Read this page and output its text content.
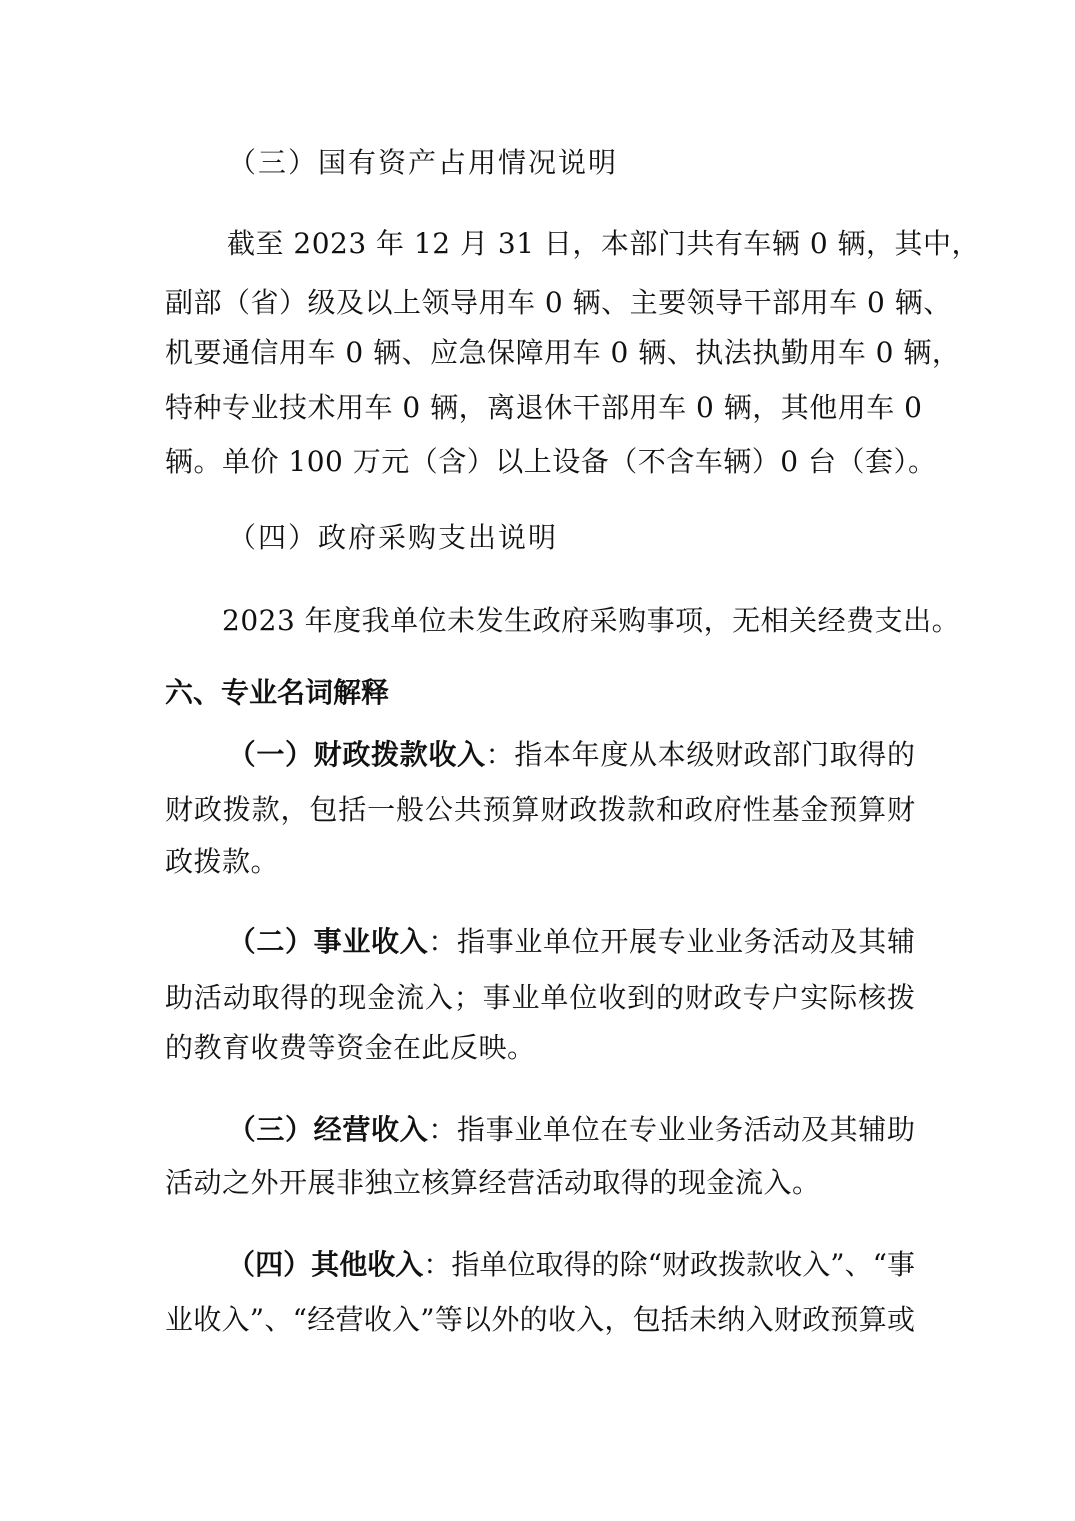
（三）国有资产占用情况说明
截至 2023 年 12 月 31 日，本部门共有车辆 0 辆，其中，
副部（省）级及以上领导用车 0 辆、主要领导干部用车 0 辆、
机要通信用车 0 辆、应急保障用车 0 辆、执法执勤用车 0 辆，
特种专业技术用车 0 辆，离退休干部用车 0 辆，其他用车 0
辆。单价 100 万元（含）以上设备（不含车辆）0 台（套）。
（四）政府采购支出说明
2023 年度我单位未发生政府采购事项，无相关经费支出。
六、专业名词解释
（一）财政拨款收入：指本年度从本级财政部门取得的
财政拨款，包括一般公共预算财政拨款和政府性基金预算财
政拨款。
（二）事业收入：指事业单位开展专业业务活动及其辅
助活动取得的现金流入；事业单位收到的财政专户实际核拨
的教育收费等资金在此反映。
（三）经营收入：指事业单位在专业业务活动及其辅助
活动之外开展非独立核算经营活动取得的现金流入。
（四）其他收入：指单位取得的除“财政拨款收入”、“事
业收入”、“经营收入”等以外的收入，包括未纳入财政预算或
